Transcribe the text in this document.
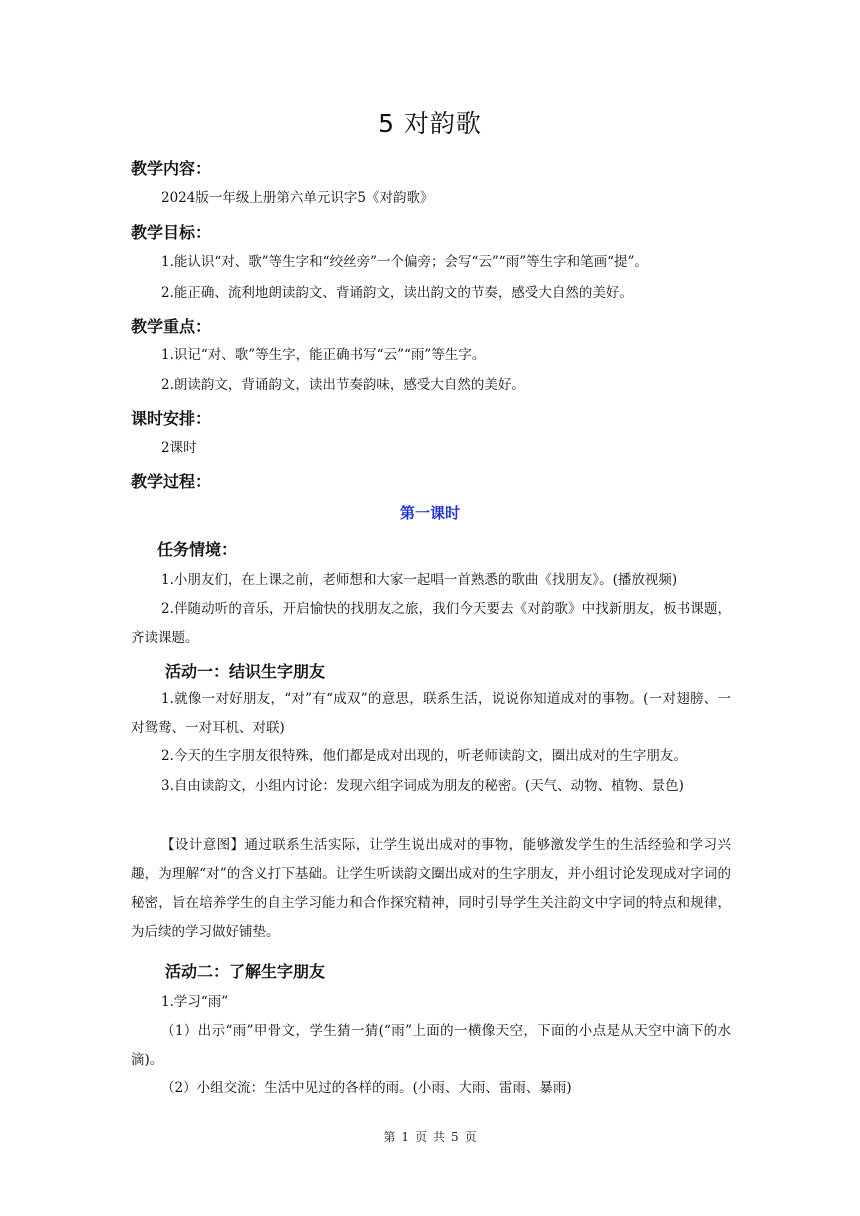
5 对韵歌
教学内容：
2024版一年级上册第六单元识字5《对韵歌》
教学目标：
1.能认识“对、歌”等生字和“绞丝旁”一个偏旁；会写“云”“雨”等生字和笔画“提”。
2.能正确、流利地朗读韵文、背诵韵文，读出韵文的节奏，感受大自然的美好。
教学重点：
1.识记“对、歌”等生字，能正确书写“云”“雨”等生字。
2.朗读韵文，背诵韵文，读出节奏韵味，感受大自然的美好。
课时安排：
2课时
教学过程：
第一课时
任务情境：
1.小朋友们，在上课之前，老师想和大家一起唱一首熟悉的歌曲《找朋友》。(播放视频)
2.伴随动听的音乐，开启愉快的找朋友之旅，我们今天要去《对韵歌》中找新朋友，板书课题，齐读课题。
活动一：结识生字朋友
1.就像一对好朋友，“对”有“成双”的意思，联系生活，说说你知道成对的事物。(一对翅膀、一对鸳鸯、一对耳机、对联)
2.今天的生字朋友很特殊，他们都是成对出现的，听老师读韵文，圈出成对的生字朋友。
3.自由读韵文，小组内讨论：发现六组字词成为朋友的秘密。(天气、动物、植物、景色)
【设计意图】通过联系生活实际，让学生说出成对的事物，能够激发学生的生活经验和学习兴趣，为理解“对”的含义打下基础。让学生听读韵文圈出成对的生字朋友，并小组讨论发现成对字词的秘密，旨在培养学生的自主学习能力和合作探究精神，同时引导学生关注韵文中字词的特点和规律，为后续的学习做好铺垫。
活动二：了解生字朋友
1.学习“雨”
（1）出示“雨”甲骨文，学生猜一猜(“雨”上面的一横像天空，下面的小点是从天空中滴下的水滴)。
（2）小组交流：生活中见过的各样的雨。(小雨、大雨、雷雨、暴雨)
第 1 页 共 5 页
